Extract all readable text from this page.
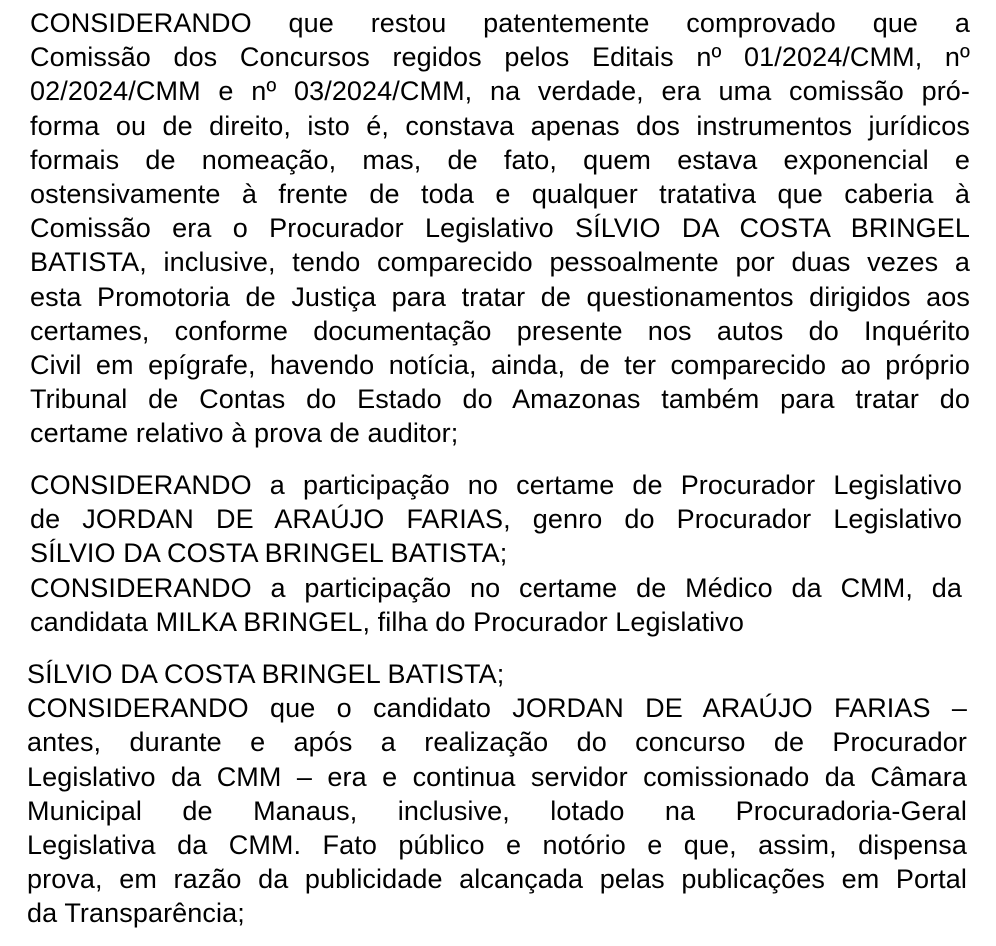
CONSIDERANDO que restou patentemente comprovado que a
Comissão dos Concursos regidos pelos Editais nº 01/2024/CMM, nº
02/2024/CMM e nº 03/2024/CMM, na verdade, era uma comissão pró-
forma ou de direito, isto é, constava apenas dos instrumentos jurídicos
formais de nomeação, mas, de fato, quem estava exponencial e
ostensivamente à frente de toda e qualquer tratativa que caberia à
Comissão era o Procurador Legislativo SÍLVIO DA COSTA BRINGEL
BATISTA, inclusive, tendo comparecido pessoalmente por duas vezes a
esta Promotoria de Justiça para tratar de questionamentos dirigidos aos
certames, conforme documentação presente nos autos do Inquérito
Civil em epígrafe, havendo notícia, ainda, de ter comparecido ao próprio
Tribunal de Contas do Estado do Amazonas também para tratar do
certame relativo à prova de auditor;
CONSIDERANDO a participação no certame de Procurador Legislativo
de JORDAN DE ARAÚJO FARIAS, genro do Procurador Legislativo
SÍLVIO DA COSTA BRINGEL BATISTA;
CONSIDERANDO a participação no certame de Médico da CMM, da
candidata MILKA BRINGEL, filha do Procurador Legislativo
SÍLVIO DA COSTA BRINGEL BATISTA;
CONSIDERANDO que o candidato JORDAN DE ARAÚJO FARIAS –
antes, durante e após a realização do concurso de Procurador
Legislativo da CMM – era e continua servidor comissionado da Câmara
Municipal de Manaus, inclusive, lotado na Procuradoria-Geral
Legislativa da CMM. Fato público e notório e que, assim, dispensa
prova, em razão da publicidade alcançada pelas publicações em Portal
da Transparência;
